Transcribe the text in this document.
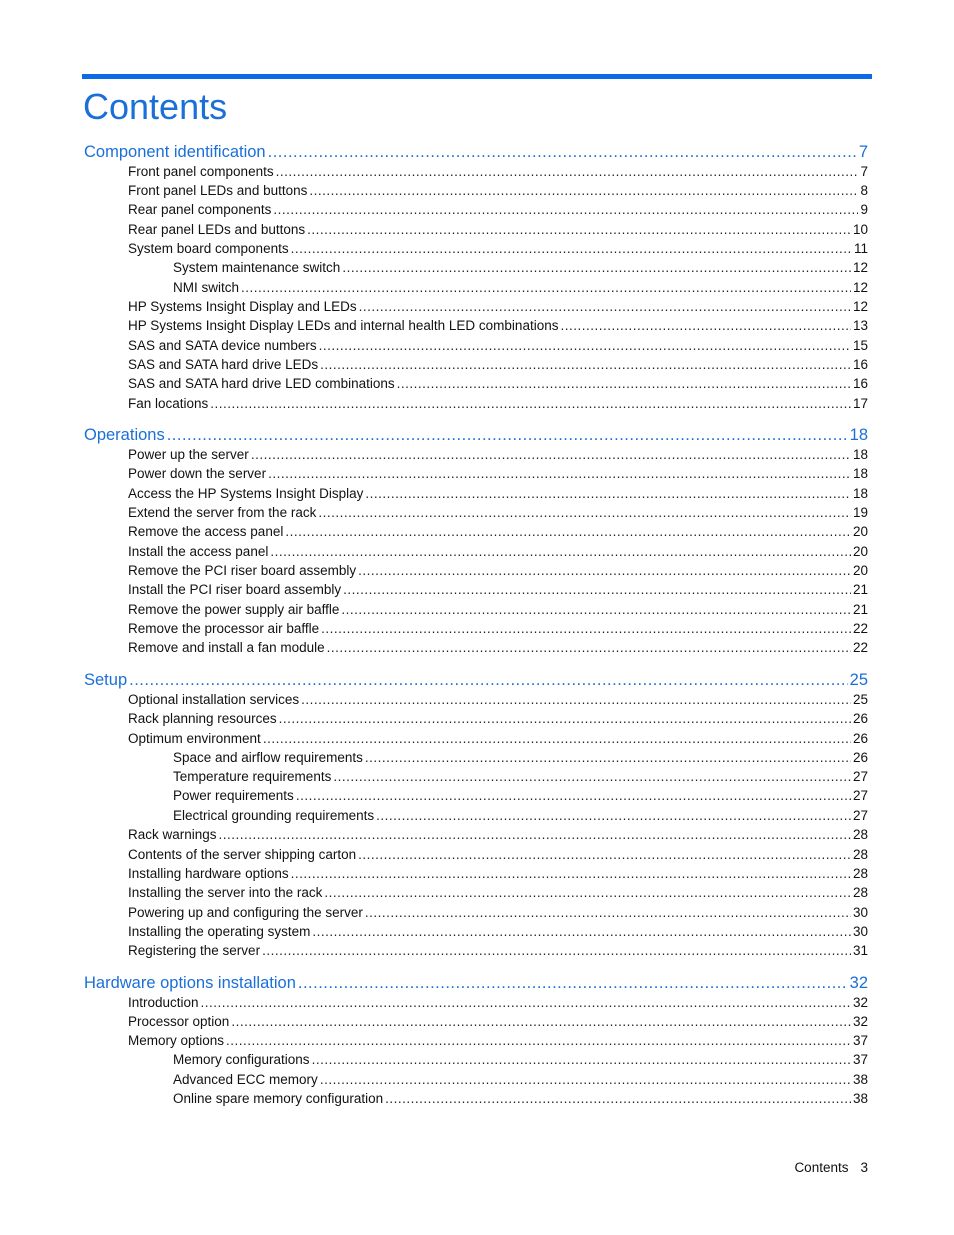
Contents
Component identification .....	7
Front panel components .....	7
Front panel LEDs and buttons .....	8
Rear panel components .....	9
Rear panel LEDs and buttons .....	10
System board components .....	11
System maintenance switch .....	12
NMI switch .....	12
HP Systems Insight Display and LEDs .....	12
HP Systems Insight Display LEDs and internal health LED combinations .....	13
SAS and SATA device numbers .....	15
SAS and SATA hard drive LEDs .....	16
SAS and SATA hard drive LED combinations .....	16
Fan locations .....	17
Operations .....	18
Power up the server .....	18
Power down the server .....	18
Access the HP Systems Insight Display .....	18
Extend the server from the rack .....	19
Remove the access panel .....	20
Install the access panel .....	20
Remove the PCI riser board assembly .....	20
Install the PCI riser board assembly .....	21
Remove the power supply air baffle .....	21
Remove the processor air baffle .....	22
Remove and install a fan module .....	22
Setup .....	25
Optional installation services .....	25
Rack planning resources .....	26
Optimum environment .....	26
Space and airflow requirements .....	26
Temperature requirements .....	27
Power requirements .....	27
Electrical grounding requirements .....	27
Rack warnings .....	28
Contents of the server shipping carton .....	28
Installing hardware options .....	28
Installing the server into the rack .....	28
Powering up and configuring the server .....	30
Installing the operating system .....	30
Registering the server .....	31
Hardware options installation .....	32
Introduction .....	32
Processor option .....	32
Memory options .....	37
Memory configurations .....	37
Advanced ECC memory .....	38
Online spare memory configuration .....	38
Contents 3
